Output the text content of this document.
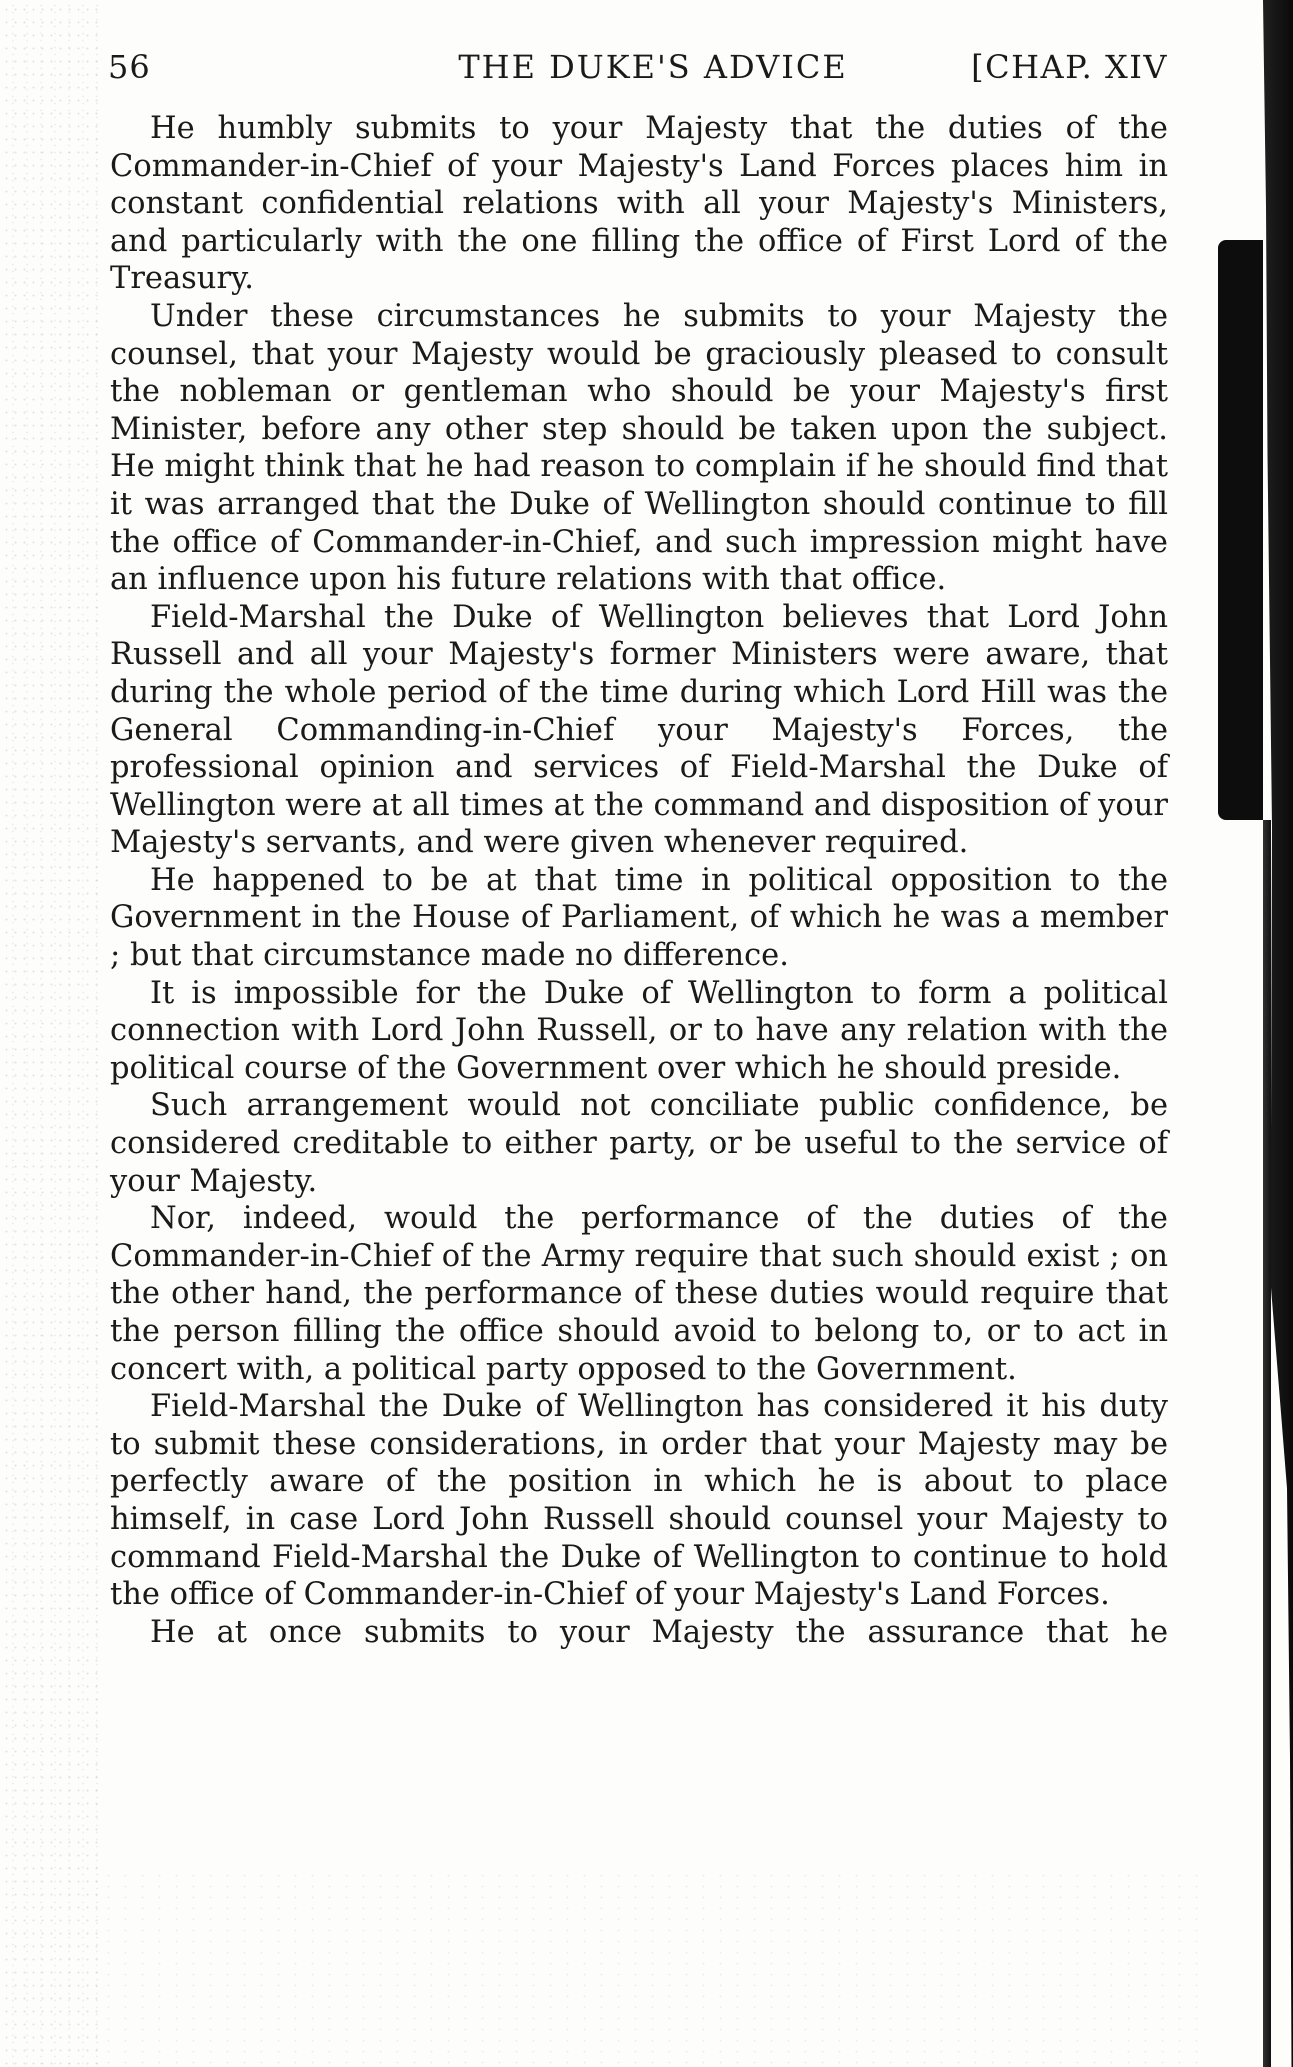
56	THE DUKE'S ADVICE	[CHAP. XIV

He humbly submits to your Majesty that the duties of the Commander-in-Chief of your Majesty's Land Forces places him in constant confidential relations with all your Majesty's Ministers, and particularly with the one filling the office of First Lord of the Treasury.

Under these circumstances he submits to your Majesty the counsel, that your Majesty would be graciously pleased to consult the nobleman or gentleman who should be your Majesty's first Minister, before any other step should be taken upon the subject. He might think that he had reason to complain if he should find that it was arranged that the Duke of Wellington should continue to fill the office of Commander-in-Chief, and such impression might have an influence upon his future relations with that office.

Field-Marshal the Duke of Wellington believes that Lord John Russell and all your Majesty's former Ministers were aware, that during the whole period of the time during which Lord Hill was the General Commanding-in-Chief your Majesty's Forces, the professional opinion and services of Field-Marshal the Duke of Wellington were at all times at the command and disposition of your Majesty's servants, and were given whenever required.

He happened to be at that time in political opposition to the Government in the House of Parliament, of which he was a member ; but that circumstance made no difference.

It is impossible for the Duke of Wellington to form a political connection with Lord John Russell, or to have any relation with the political course of the Government over which he should preside.

Such arrangement would not conciliate public confidence, be considered creditable to either party, or be useful to the service of your Majesty.

Nor, indeed, would the performance of the duties of the Commander-in-Chief of the Army require that such should exist ; on the other hand, the performance of these duties would require that the person filling the office should avoid to belong to, or to act in concert with, a political party opposed to the Government.

Field-Marshal the Duke of Wellington has considered it his duty to submit these considerations, in order that your Majesty may be perfectly aware of the position in which he is about to place himself, in case Lord John Russell should counsel your Majesty to command Field-Marshal the Duke of Wellington to continue to hold the office of Commander-in-Chief of your Majesty's Land Forces.

He at once submits to your Majesty the assurance that he
